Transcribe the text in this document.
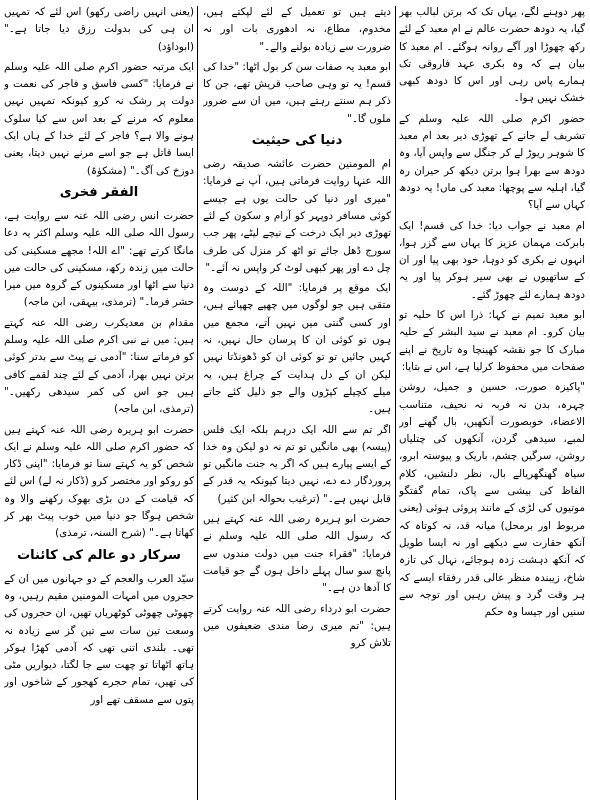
پھر دوہنے لگے، یہاں تک کہ برتن لبالب بھر گیا، یہ دودھ حضرت عالم نے ام معبد کے لئے رکھ چھوڑا اور آگے روانہ ہوگئے۔ ام معبد کا بیان ہے کہ وہ بکری عہد فاروقی تک ہمارے پاس رہی اور اس کا دودھ کبھی خشک نہیں ہوا۔

حضور اکرم صلی اللہ علیہ وسلم کے تشریف لے جانے کے تھوڑی دیر بعد ام معبد کا شوہر ریوڑ لے کر جنگل سے واپس آیا، وہ دودھ سے بھرا ہوا برتن دیکھ کر حیران رہ گیا، اہلیہ سے پوچھا: معبد کی ماں! یہ دودھ کہاں سے آیا؟

ام معبد نے جواب دیا: خدا کی قسم! ایک بابرکت مہمان عزیز کا یہاں سے گزر ہوا، انہوں نے بکری کو دوہا، خود بھی پیا اور ان کے ساتھیوں نے بھی سیر ہوکر پیا اور یہ دودھ ہمارے لئے چھوڑ گئے۔

ابو معبد تمیم نے کہا: ذرا اس کا حلیہ تو بیان کرو۔ ام معبد نے سید البشر کے حلیہ مبارک کا جو نقشہ کھینچا وہ تاریخ نے اپنے صفحات میں محفوظ کرلیا ہے، اس نے بتایا:

"پاکیزہ صورت، حسین و جمیل، روشن چہرہ، بدن نہ فربہ نہ نحیف، متناسب الاعضاء، خوبصورت آنکھیں، بال گھنے اور لمبے، سیدھی گردن، آنکھوں کی چتلیاں روشن، سرگیں چشم، باریک و پیوستہ ابرو، سیاہ گھنگھریالے بال، نظر دلنشیں، کلام الفاظ کی بیشی سے پاک، تمام گفتگو موتیوں کی لڑی کے مانند پروئی ہوئی (یعنی مربوط اور برمحل) میانہ قد، نہ کوتاہ کہ آنکھ حقارت سے دیکھے اور نہ ایسا طویل کہ آنکھ دہشت زدہ ہوجائے، نہال کی تازہ شاخ، زیبندہ منظر عالی قدر رفقاء ایسے کہ ہر وقت گرد و پیش رہیں اور توجہ سے سنیں اور جیسا وہ حکم

دیتے ہیں تو تعمیل کے لئے لپکتے ہیں، مخدوم، مطاع، نہ ادھوری بات اور نہ ضرورت سے زیادہ بولنے والے۔"

ابو معبد یہ صفات سن کر بول اٹھا: "خدا کی قسم! یہ تو وہی صاحب قریش تھے، جن کا ذکر ہم سنتے رہتے ہیں، میں ان سے ضرور ملوں گا۔"

دنیا کی حیثیت

ام المومنین حضرت عائشہ صدیقہ رضی اللہ عنہا روایت فرماتی ہیں، آپ نے فرمایا: "میری اور دنیا کی حالت یوں ہے جیسے کوئی مسافر دوپہر کو آرام و سکون کے لئے تھوڑی دیر ایک درخت کے نیچے لیٹے، پھر جب سورج ڈھل جائے تو اٹھ کر منزل کی طرف چل دے اور پھر کبھی لوٹ کر واپس نہ آئے۔"

ایک موقع پر فرمایا: "اللہ کے دوست وہ متقی ہیں جو لوگوں میں چھپے چھپائے ہیں، اور کسی گنتی میں نہیں آتے، مجمع میں ہوں تو کوئی ان کا پرسان حال نہیں، نہ کہیں جائیں تو تو کوئی ان کو ڈھونڈتا نہیں لیکن ان کے دل ہدایت کے چراغ ہیں، یہ میلے کچیلے کپڑوں والے جو ذلیل کئے جاتے ہیں۔

اگر تم سے اللہ ایک درہم بلکہ ایک فلس (پیسہ) بھی مانگیں تو تم نہ دو لیکن وہ خدا کے ایسے پیارے ہیں کہ اگر یہ جنت مانگیں تو پروردگار دے دے، نہیں دیتا کیونکہ یہ قدر کے قابل نہیں ہے۔" (ترغیب بحوالہ ابن کثیر)

حضرت ابو ہریرہ رضی اللہ عنہ کہتے ہیں کہ رسول اللہ صلی اللہ علیہ وسلم نے فرمایا: "فقراء جنت میں دولت مندوں سے پانچ سو سال پہلے داخل ہوں گے جو قیامت کا آدھا دن ہے۔"

حضرت ابو درداء رضی اللہ عنہ روایت کرتے ہیں: "تم میری رضا مندی ضعیفوں میں تلاش کرو

(یعنی انہیں راضی رکھو) اس لئے کہ تمہیں ان ہی کی بدولت رزق دیا جاتا ہے۔" (ابوداؤد)

ایک مرتبہ حضور اکرم صلی اللہ علیہ وسلم نے فرمایا: "کسی فاسق و فاجر کی نعمت و دولت پر رشک نہ کرو کیونکہ تمہیں نہیں معلوم کہ مرنے کے بعد اس سے کیا سلوک ہونے والا ہے؟ فاجر کے لئے خدا کے ہاں ایک ایسا قاتل ہے جو اسے مرنے نہیں دیتا، یعنی دوزخ کی آگ۔" (مشکوٰۃ)

الفقر فخری

حضرت انس رضی اللہ عنہ سے روایت ہے، رسول اللہ صلی اللہ علیہ وسلم اکثر یہ دعا مانگا کرتے تھے: "اے اللہ! مجھے مسکینی کی حالت میں زندہ رکھ، مسکینی کی حالت میں دنیا سے اٹھا اور مسکینوں کے گروہ میں میرا حشر فرما۔" (ترمذی، بیہقی، ابن ماجہ)

مقدام بن معدیکرب رضی اللہ عنہ کہتے ہیں: میں نے نبی اکرم صلی اللہ علیہ وسلم کو فرماتے سنا: "آدمی نے پیٹ سے بدتر کوئی برتن نہیں بھرا، آدمی کے لئے چند لقمے کافی ہیں جو اس کی کمر سیدھی رکھیں۔" (ترمذی، ابن ماجہ)

حضرت ابو ہریرہ رضی اللہ عنہ کہتے ہیں کہ حضور اکرم صلی اللہ علیہ وسلم نے ایک شخص کو یہ کہتے سنا تو فرمایا: "اپنی ڈکار کو روکو اور مختصر کرو (ڈکار نہ لے) اس لئے کہ قیامت کے دن بڑی بھوک رکھنے والا وہ شخص ہوگا جو دنیا میں خوب پیٹ بھر کر کھاتا ہے۔" (شرح السنہ، ترمذی)

سرکار دو عالم کی کائنات

سیّد العرب والعجم کے دو جہانوں میں ان کے حجروں میں امہات المومنین مقیم رہیں، وہ چھوٹی چھوٹی کوٹھریاں تھیں، ان حجروں کی وسعت تین سات سے تین گز سے زیادہ نہ تھی۔ بلندی اتنی تھی کہ آدمی کھڑا ہوکر ہاتھ اٹھاتا تو چھت سے جا لگتا، دیواریں مٹی کی تھیں، تمام حجرے کھجور کے شاخوں اور پتوں سے مسقف تھے اور
